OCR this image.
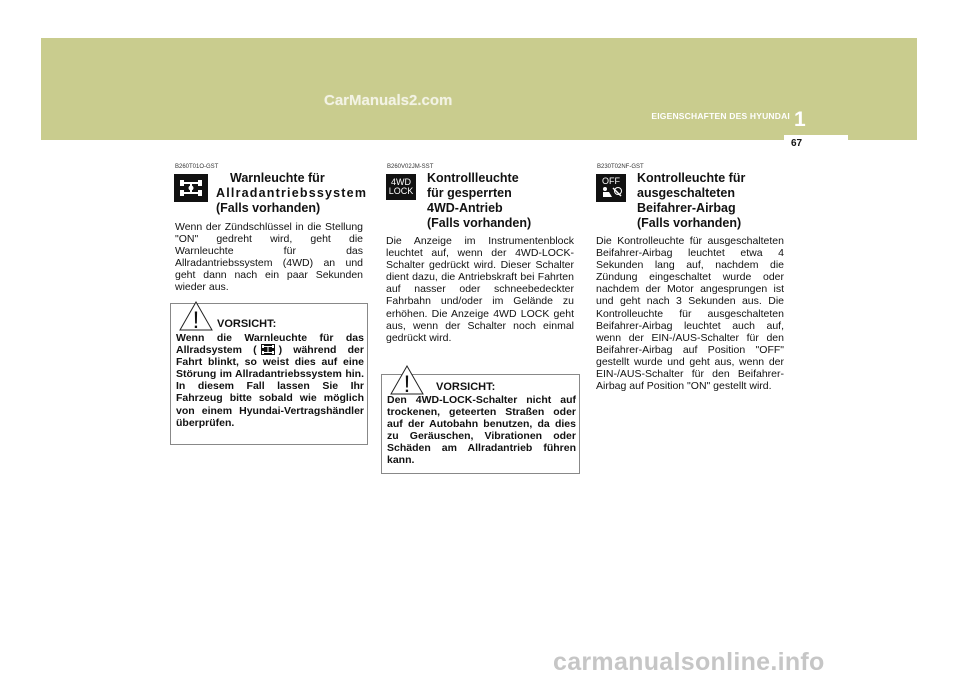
CarManuals2.com
EIGENSCHAFTEN DES HYUNDAI 1
67
B260T01O-GST
Warnleuchte für
Allradantriebssystem
(Falls vorhanden)
Wenn der Zündschlüssel in die Stellung "ON" gedreht wird, geht die Warnleuchte für das Allradantriebssystem (4WD) an und geht dann nach ein paar Sekunden wieder aus.
! VORSICHT:
Wenn die Warnleuchte für das Allradsystem ( ) während der Fahrt blinkt, so weist dies auf eine Störung im Allradantriebssystem hin. In diesem Fall lassen Sie Ihr Fahrzeug bitte sobald wie möglich von einem Hyundai-Vertragshändler überprüfen.
B260V02JM-SST
4WD
LOCK
Kontrollleuchte
für gesperrten
4WD-Antrieb
(Falls vorhanden)
Die Anzeige im Instrumentenblock leuchtet auf, wenn der 4WD-LOCK-Schalter gedrückt wird. Dieser Schalter dient dazu, die Antriebskraft bei Fahrten auf nasser oder schneebedeckter Fahrbahn und/oder im Gelände zu erhöhen. Die Anzeige 4WD LOCK geht aus, wenn der Schalter noch einmal gedrückt wird.
! VORSICHT:
Den 4WD-LOCK-Schalter nicht auf trockenen, geteerten Straßen oder auf der Autobahn benutzen, da dies zu Geräuschen, Vibrationen oder Schäden am Allradantrieb führen kann.
B230T02NF-GST
OFF Kontrolleuchte für
ausgeschalteten
Beifahrer-Airbag
(Falls vorhanden)
Die Kontrolleuchte für ausgeschalteten Beifahrer-Airbag leuchtet etwa 4 Sekunden lang auf, nachdem die Zündung eingeschaltet wurde oder nachdem der Motor angesprungen ist und geht nach 3 Sekunden aus. Die Kontrolleuchte für ausgeschalteten Beifahrer-Airbag leuchtet auch auf, wenn der EIN-/AUS-Schalter für den Beifahrer-Airbag auf Position "OFF" gestellt wurde und geht aus, wenn der EIN-/AUS-Schalter für den Beifahrer-Airbag auf Position "ON" gestellt wird.
carmanualsonline.info
